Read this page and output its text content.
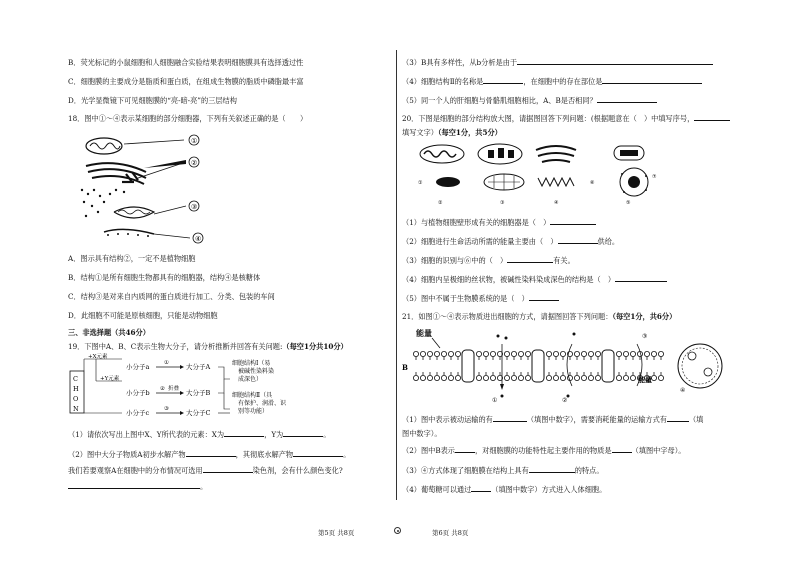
B．荧光标记的小鼠细胞和人细胞融合实验结果表明细胞膜具有选择透过性
C．细胞膜的主要成分是脂质和蛋白质，在组成生物膜的脂质中磷脂最丰富
D．光学显微镜下可见细胞膜的“亮-暗-亮”的三层结构
18．图中①～④表示某细胞的部分细胞器，下列有关叙述正确的是（　　）
①
②
③
④
A．图示具有结构②，一定不是植物细胞
B．结构①是所有细胞生物都具有的细胞器，结构④是核糖体
C．结构③是对来自内质网的蛋白质进行加工、分类、包装的车间
D．此细胞不可能是原核细胞，只能是动物细胞
三、非选择题（共46分）
19．下图中A、B、C表示生物大分子，请分析推断并回答有关问题:（每空1分共10分）
C
H
O
N
+X元素
+Y元素
小分子a
小分子b
小分子c
①
② 折叠
③
大分子A
大分子B
大分子C
细胞结构Ⅰ（易
被碱性染料染
成深色）
细胞结构Ⅱ（具
有保护、润滑、识
别等功能）
（1）请依次写出上图中X、Y所代表的元素：X为	，Y为	。
（2）图中大分子物质A初步水解产物	，其彻底水解产物	。
我们若要观察A在细胞中的分布情况可选用	染色剂，会有什么颜色变化?
。
（3）B具有多样性，从b分析是由于
（4）细胞结构Ⅱ的名称是	，在细胞中的存在部位是
（5）同一个人的肝细胞与骨骼肌细胞相比，A、B是否相同？
20．下图是细胞的部分结构放大图，请据图回答下列问题：(根据题意在（　）中填写序号，
填写文字）（每空1分，共5分）
①	⑥
⑦
②	③	④	⑤
（1）与植物细胞壁形成有关的细胞器是（　）
（2）细胞进行生命活动所需的能量主要由（　）	供给。
（3）细胞的识别与⑥中的（　）	有关。
（4）细胞内呈极细的丝状物，被碱性染料染成深色的结构是（　）
（5）图中不属于生物膜系统的是（　）
21．如图①～④表示物质进出细胞的方式，请据图回答下列问题：（每空1分，共6分）
能量
B
①	②
③
能量
④
（1）图中表示被动运输的有	（填图中数字），需要消耗能量的运输方式有	（填
图中数字）。
（2）图中B表示	，对细胞膜的功能特性起主要作用的物质是	（填图中字母）。
（3）④方式体现了细胞膜在结构上具有	的特点。
（4）葡萄糖可以通过	（填图中数字）方式进入人体细胞。
第5页 共8页	第6页 共8页
